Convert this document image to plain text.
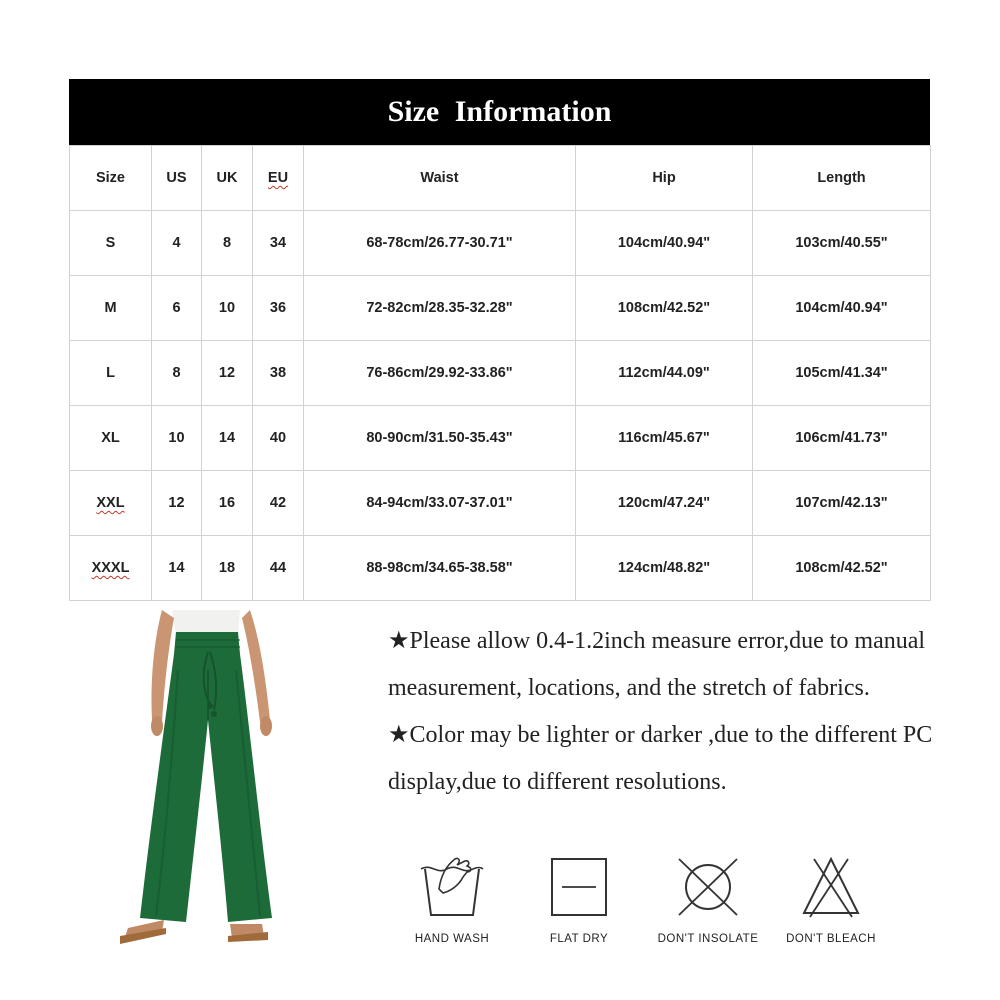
Size Information
Size	US	UK	EU	Waist	Hip	Length
S	4	8	34	68-78cm/26.77-30.71"	104cm/40.94"	103cm/40.55"
M	6	10	36	72-82cm/28.35-32.28"	108cm/42.52"	104cm/40.94"
L	8	12	38	76-86cm/29.92-33.86"	112cm/44.09"	105cm/41.34"
XL	10	14	40	80-90cm/31.50-35.43"	116cm/45.67"	106cm/41.73"
XXL	12	16	42	84-94cm/33.07-37.01"	120cm/47.24"	107cm/42.13"
XXXL	14	18	44	88-98cm/34.65-38.58"	124cm/48.82"	108cm/42.52"

★Please allow 0.4-1.2inch measure error,due to manual measurement, locations, and the stretch of fabrics.

★Color may be lighter or darker ,due to the different PC display,due to different resolutions.

HAND WASH	FLAT DRY	DON'T INSOLATE	DON'T BLEACH
